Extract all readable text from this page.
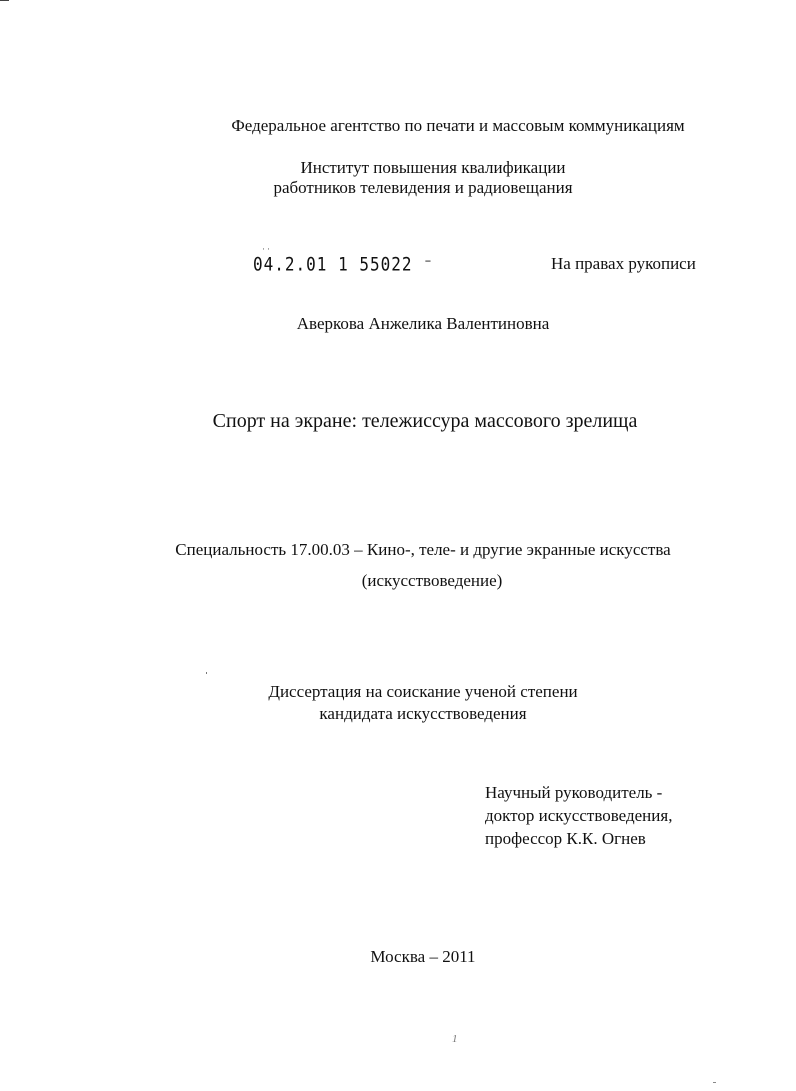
Федеральное агентство по печати и массовым коммуникациям
Институт повышения квалификации
работников телевидения и радиовещания
··
04.2.01 1 55022 ⁻	На правах рукописи
Аверкова Анжелика Валентиновна
Спорт на экране: тележиссура массового зрелища
Специальность 17.00.03 – Кино-, теле- и другие экранные искусства
(искусствоведение)
Диссертация на соискание ученой степени
кандидата искусствоведения
Научный руководитель -
доктор искусствоведения,
профессор К.К. Огнев
Москва – 2011
1
